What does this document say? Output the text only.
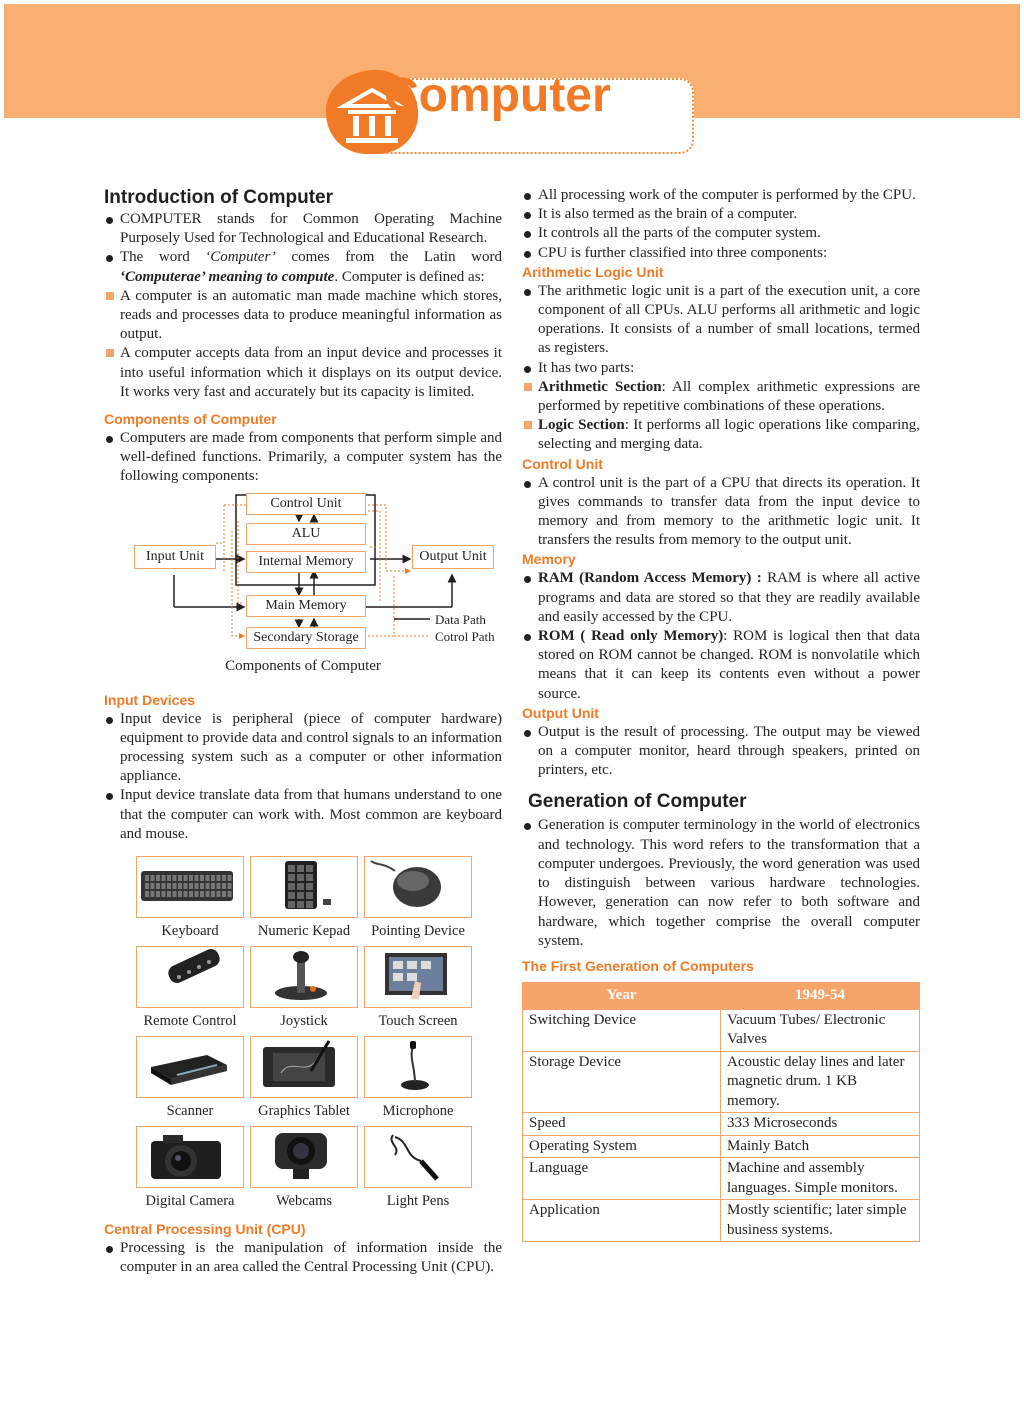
Computer
Introduction of Computer
COMPUTER stands for Common Operating Machine Purposely Used for Technological and Educational Research.
The word ‘Computer’ comes from the Latin word ‘Computerae’ meaning to compute. Computer is defined as:
A computer is an automatic man made machine which stores, reads and processes data to produce meaningful information as output.
A computer accepts data from an input device and processes it into useful information which it displays on its output device. It works very fast and accurately but its capacity is limited.
Components of Computer
Computers are made from components that perform simple and well-defined functions. Primarily, a computer system has the following components:
Control Unit
ALU
Internal Memory
Input Unit	Output Unit
Main Memory
Secondary Storage
Data Path
Cotrol Path
Components of Computer
Input Devices
Input device is peripheral (piece of computer hardware) equipment to provide data and control signals to an information processing system such as a computer or other information appliance.
Input device translate data from that humans understand to one that the computer can work with. Most common are keyboard and mouse.
Keyboard	Numeric Kepad	Pointing Device
Remote Control	Joystick	Touch Screen
Scanner	Graphics Tablet	Microphone
Digital Camera	Webcams	Light Pens
Central Processing Unit (CPU)
Processing is the manipulation of information inside the computer in an area called the Central Processing Unit (CPU).
All processing work of the computer is performed by the CPU.
It is also termed as the brain of a computer.
It controls all the parts of the computer system.
CPU is further classified into three components:
Arithmetic Logic Unit
The arithmetic logic unit is a part of the execution unit, a core component of all CPUs. ALU performs all arithmetic and logic operations. It consists of a number of small locations, termed as registers.
It has two parts:
Arithmetic Section: All complex arithmetic expressions are performed by repetitive combinations of these operations.
Logic Section: It performs all logic operations like comparing, selecting and merging data.
Control Unit
A control unit is the part of a CPU that directs its operation. It gives commands to transfer data from the input device to memory and from memory to the arithmetic logic unit. It transfers the results from memory to the output unit.
Memory
RAM (Random Access Memory) : RAM is where all active programs and data are stored so that they are readily available and easily accessed by the CPU.
ROM ( Read only Memory): ROM is logical then that data stored on ROM cannot be changed. ROM is nonvolatile which means that it can keep its contents even without a power source.
Output Unit
Output is the result of processing. The output may be viewed on a computer monitor, heard through speakers, printed on printers, etc.
Generation of Computer
Generation is computer terminology in the world of electronics and technology. This word refers to the transformation that a computer undergoes. Previously, the word generation was used to distinguish between various hardware technologies. However, generation can now refer to both software and hardware, which together comprise the overall computer system.
The First Generation of Computers
Year	1949-54
Switching Device	Vacuum Tubes/ Electronic Valves
Storage Device	Acoustic delay lines and later magnetic drum. 1 KB memory.
Speed	333 Microseconds
Operating System	Mainly Batch
Language	Machine and assembly languages. Simple monitors.
Application	Mostly scientific; later simple business systems.
